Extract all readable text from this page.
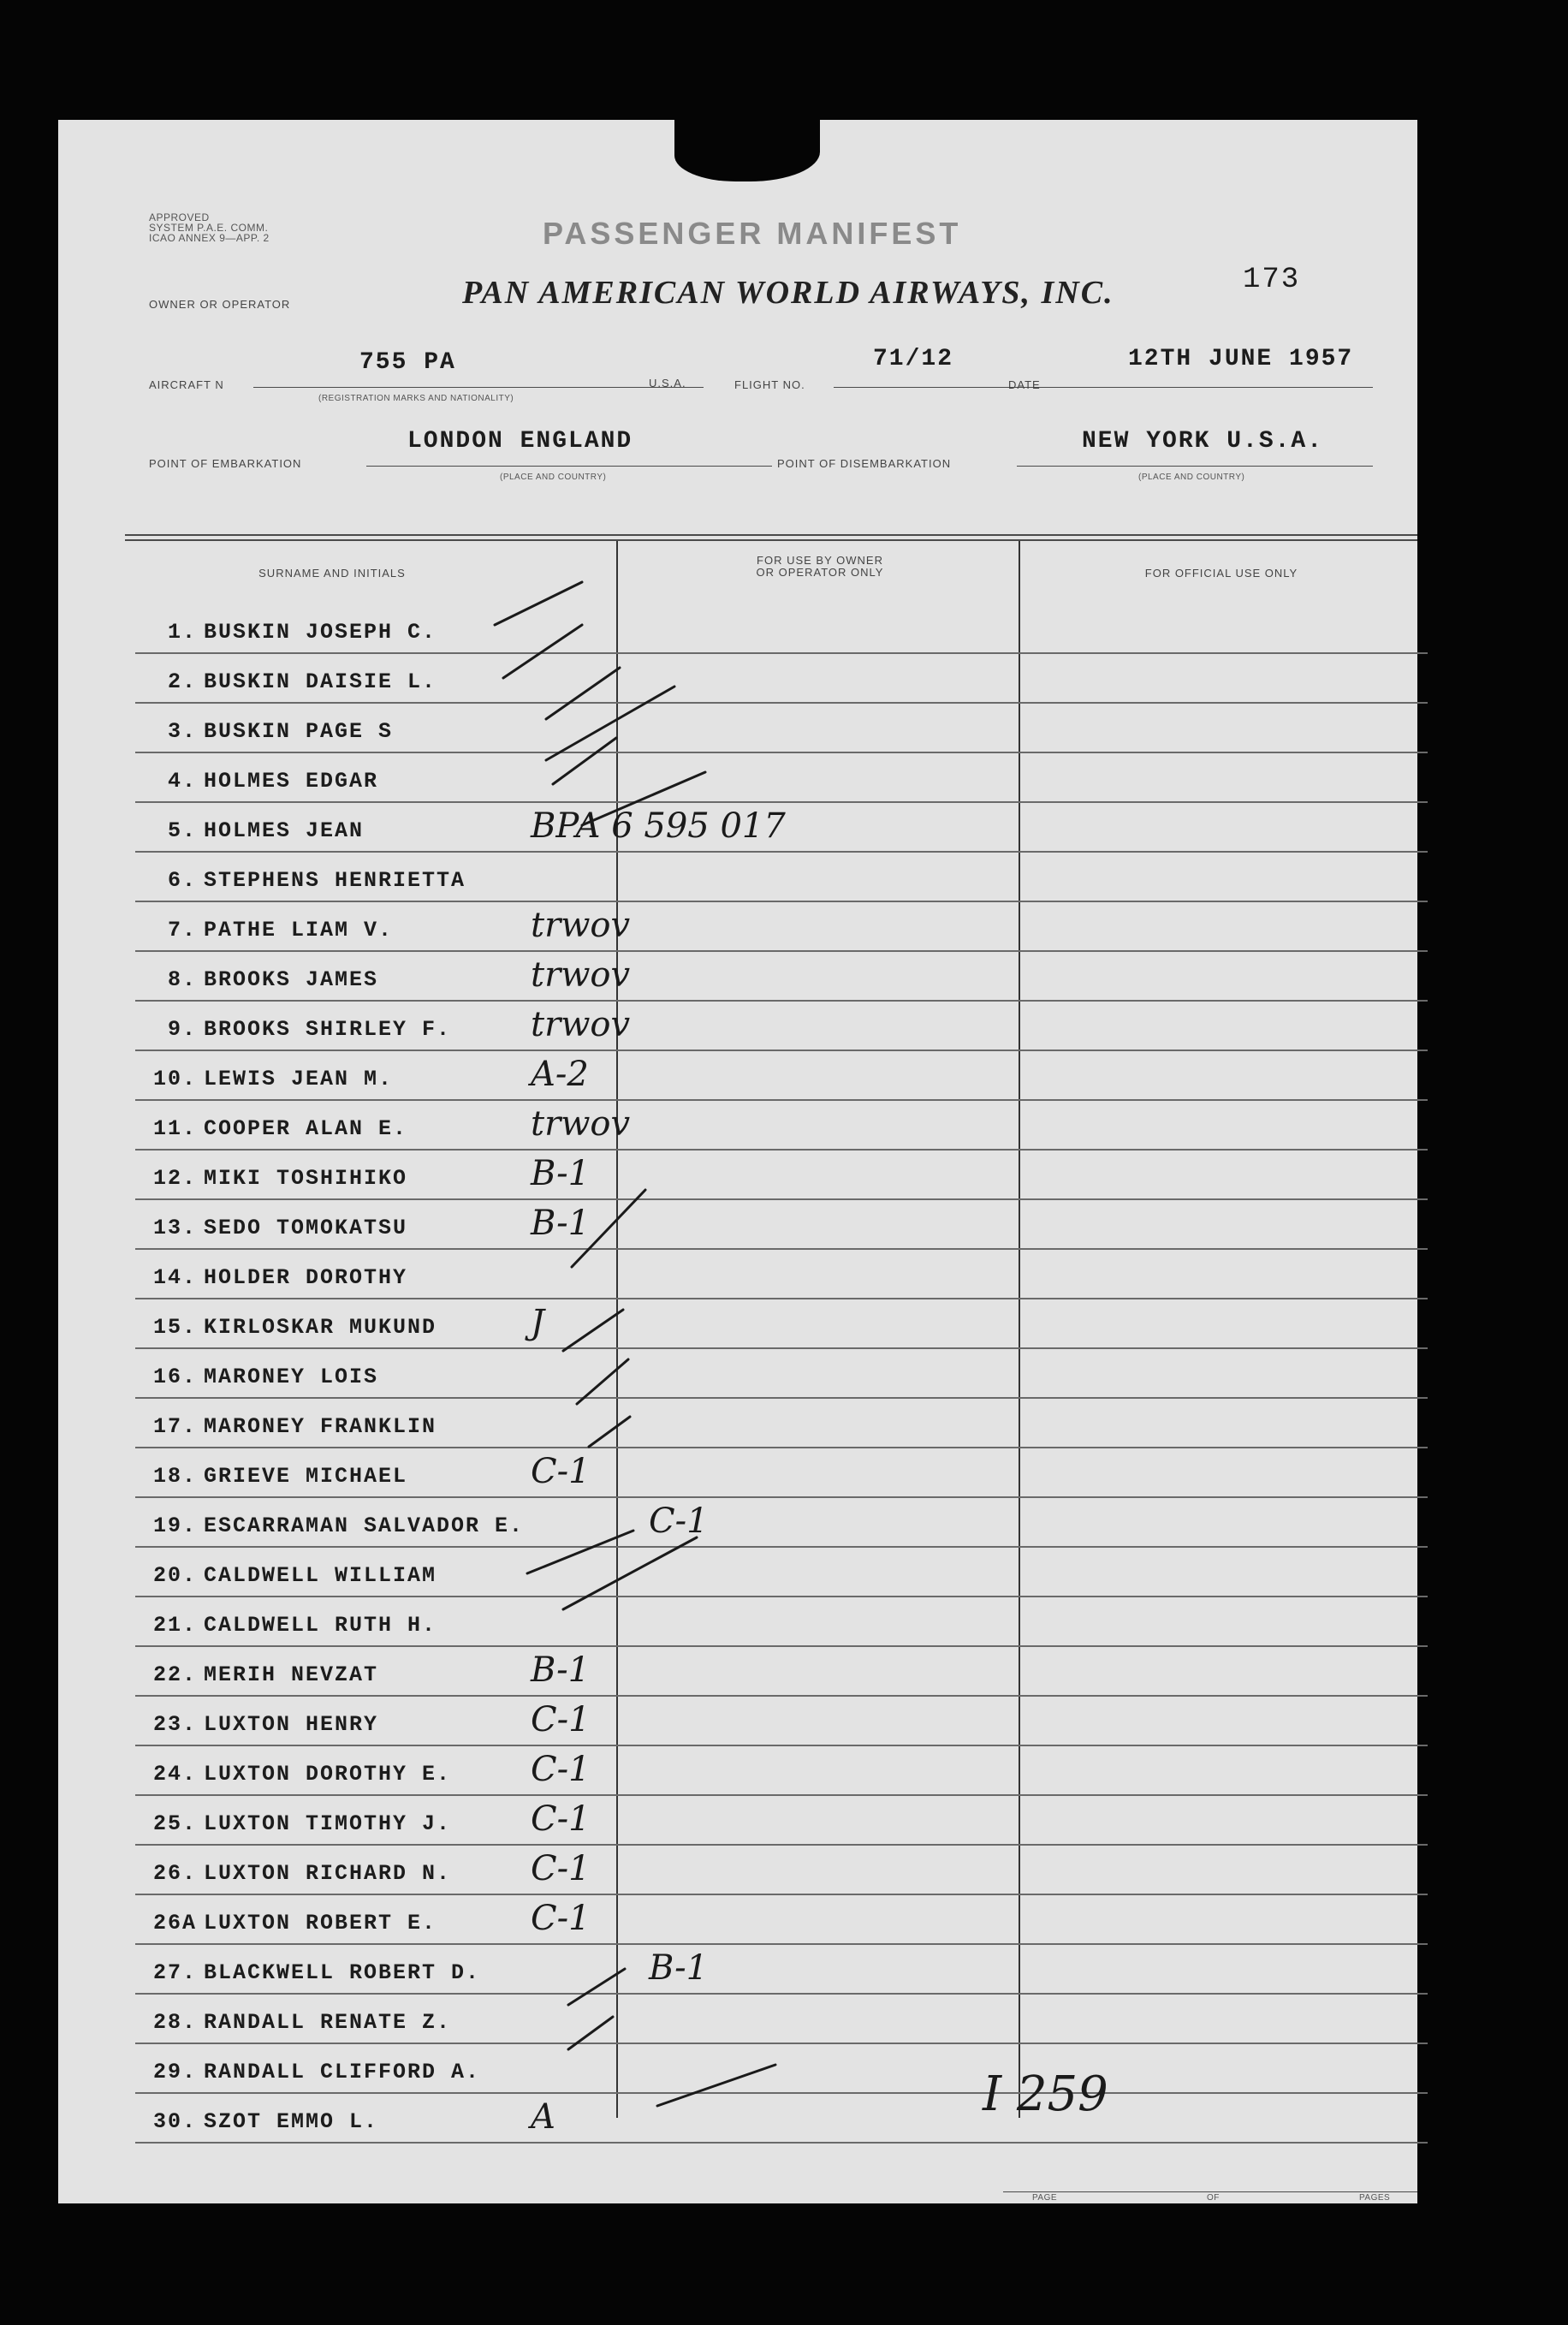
APPROVED
SYSTEM P.A.E. COMM.
ICAO ANNEX 9—APP. 2	PASSENGER MANIFEST
OWNER OR OPERATOR	PAN AMERICAN WORLD AIRWAYS, INC.	173
AIRCRAFT N
755 PA
(REGISTRATION MARKS AND NATIONALITY)
U.S.A.	FLIGHT NO.
71/12
DATE
12TH JUNE 1957
POINT OF EMBARKATION
LONDON ENGLAND
(PLACE AND COUNTRY)
POINT OF DISEMBARKATION
NEW YORK U.S.A.
(PLACE AND COUNTRY)
SURNAME AND INITIALS
FOR USE BY OWNER
OR OPERATOR ONLY	FOR OFFICIAL USE ONLY
1. BUSKIN JOSEPH C.
2. BUSKIN DAISIE L.
3. BUSKIN PAGE S
4. HOLMES EDGAR
5. HOLMES JEAN	BPA 6 595 017
6. STEPHENS HENRIETTA
7. PATHE LIAM V.	trwov
8. BROOKS JAMES	trwov
9. BROOKS SHIRLEY F. trwov
10. LEWIS JEAN M.	A-2
11. COOPER ALAN E.	trwov
12. MIKI TOSHIHIKO	B-1
13. SEDO TOMOKATSU	B-1
14. HOLDER DOROTHY
15. KIRLOSKAR MUKUND	J
16. MARONEY LOIS
17. MARONEY FRANKLIN
18. GRIEVE MICHAEL	C-1
19. ESCARRAMAN SALVADOR E.	C-1
20. CALDWELL WILLIAM
21. CALDWELL RUTH H.
22. MERIH NEVZAT	B-1
23. LUXTON HENRY	C-1
24. LUXTON DOROTHY E. C-1
25. LUXTON TIMOTHY J. C-1
26. LUXTON RICHARD N. C-1
26A LUXTON ROBERT E.	C-1
27. BLACKWELL ROBERT D.	B-1
28. RANDALL RENATE Z.
29. RANDALL CLIFFORD A.
30. SZOT EMMO L.	A	I 259
PAGE	OF	PAGES
